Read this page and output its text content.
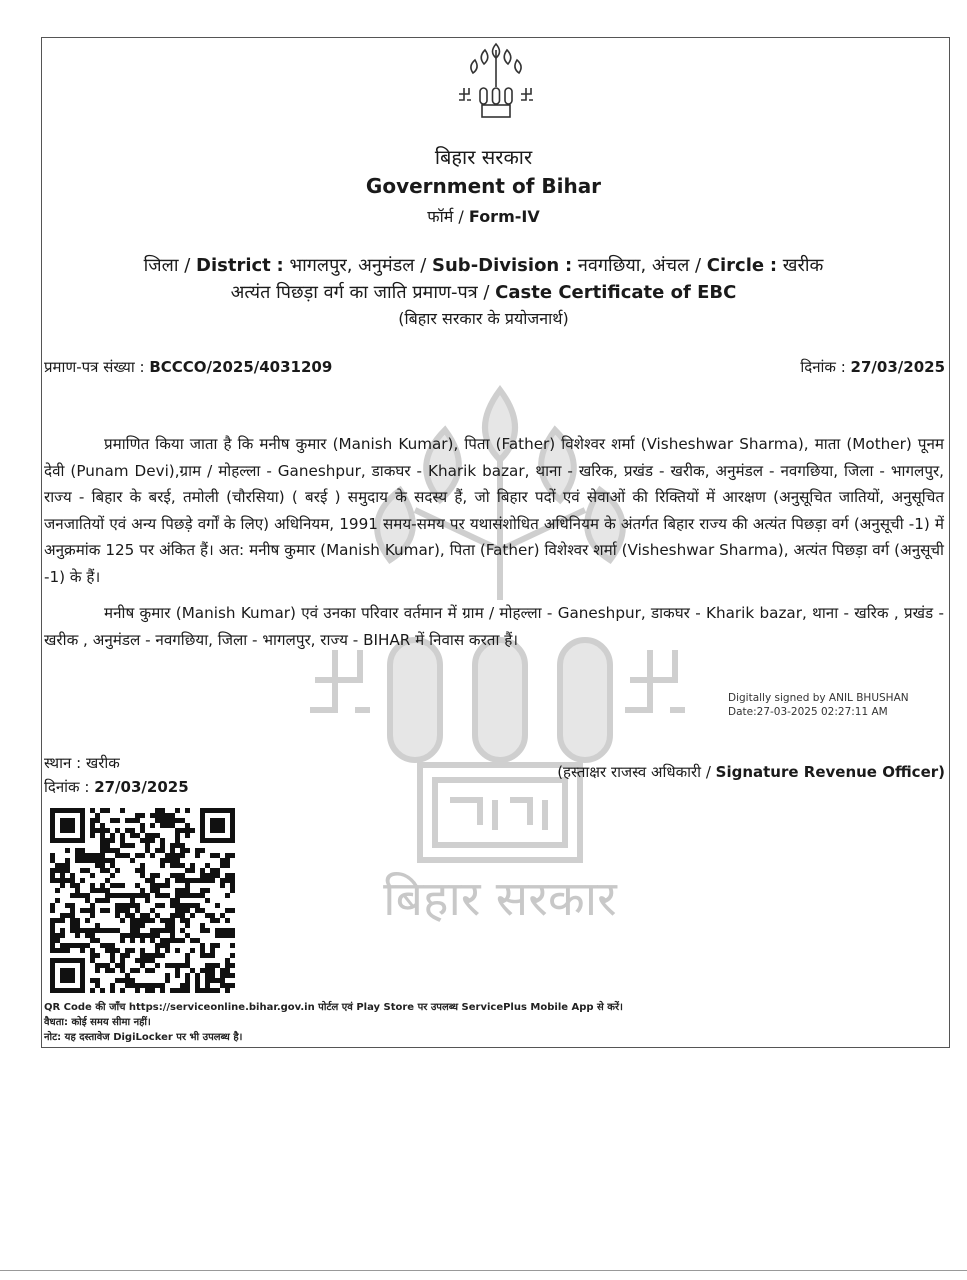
बिहार सरकार
बिहार सरकार
Government of Bihar
फॉर्म / Form-IV
जिला / District : भागलपुर, अनुमंडल / Sub-Division : नवगछिया, अंचल / Circle : खरीक
अत्यंत पिछड़ा वर्ग का जाति प्रमाण-पत्र / Caste Certificate of EBC
(बिहार सरकार के प्रयोजनार्थ)
प्रमाण-पत्र संख्या : BCCCO/2025/4031209	दिनांक : 27/03/2025
प्रमाणित किया जाता है कि मनीष कुमार (Manish Kumar), पिता (Father) विशेश्वर शर्मा (Visheshwar Sharma), माता (Mother) पूनम देवी (Punam Devi),ग्राम / मोहल्ला - Ganeshpur, डाकघर - Kharik bazar, थाना - खरिक, प्रखंड - खरीक, अनुमंडल - नवगछिया, जिला - भागलपुर, राज्य - बिहार के बरई, तमोली (चौरसिया) ( बरई ) समुदाय के सदस्य हैं, जो बिहार पदों एवं सेवाओं की रिक्तियों में आरक्षण (अनुसूचित जातियों, अनुसूचित जनजातियों एवं अन्य पिछड़े वर्गों के लिए) अधिनियम, 1991 समय-समय पर यथासंशोधित अधिनियम के अंतर्गत बिहार राज्य की अत्यंत पिछड़ा वर्ग (अनुसूची -1) में अनुक्रमांक 125 पर अंकित हैं। अत: मनीष कुमार (Manish Kumar), पिता (Father) विशेश्वर शर्मा (Visheshwar Sharma), अत्यंत पिछड़ा वर्ग (अनुसूची -1) के हैं।
मनीष कुमार (Manish Kumar) एवं उनका परिवार वर्तमान में ग्राम / मोहल्ला - Ganeshpur, डाकघर - Kharik bazar, थाना - खरिक , प्रखंड - खरीक , अनुमंडल - नवगछिया, जिला - भागलपुर, राज्य - BIHAR में निवास करता हैं।
Digitally signed by ANIL BHUSHAN
Date:27-03-2025 02:27:11 AM
स्थान : खरीक
दिनांक : 27/03/2025
(हस्ताक्षर राजस्व अधिकारी / Signature Revenue Officer)
QR Code की जाँच https://serviceonline.bihar.gov.in पोर्टल एवं Play Store पर उपलब्ध ServicePlus Mobile App से करें।
वैधता: कोई समय सीमा नहीं।
नोट: यह दस्तावेज DigiLocker पर भी उपलब्ध है।
